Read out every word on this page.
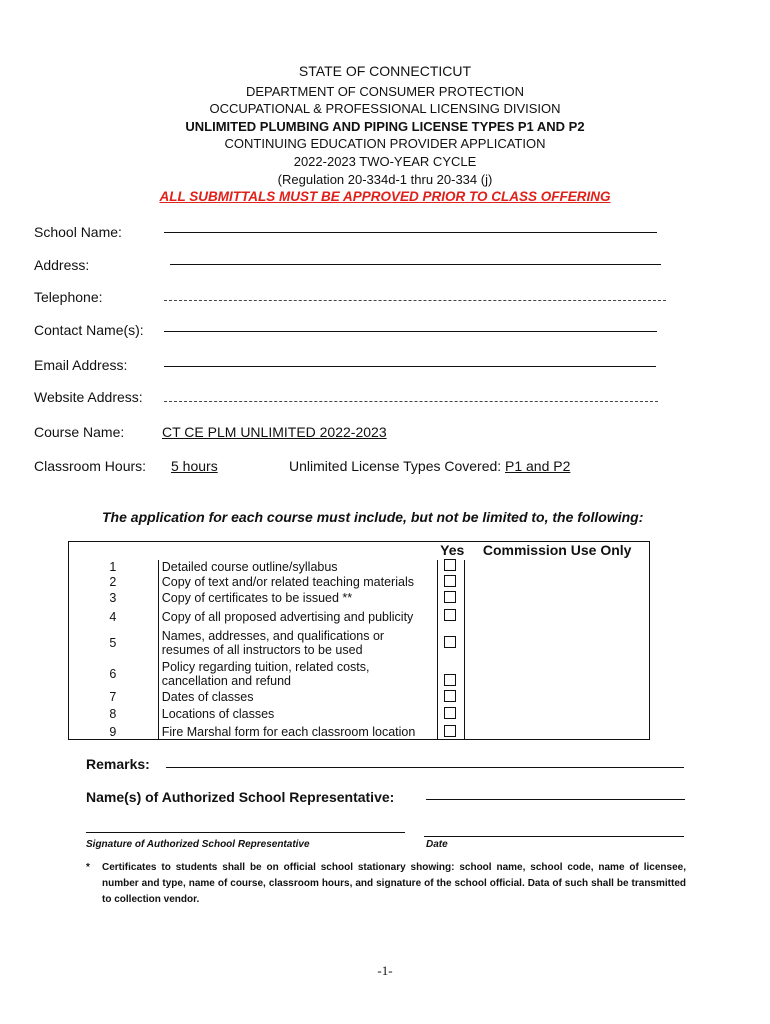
STATE OF CONNECTICUT
DEPARTMENT OF CONSUMER PROTECTION
OCCUPATIONAL & PROFESSIONAL LICENSING DIVISION
UNLIMITED PLUMBING AND PIPING LICENSE TYPES P1 AND P2
CONTINUING EDUCATION PROVIDER APPLICATION
2022-2023 TWO-YEAR CYCLE
(Regulation 20-334d-1 thru 20-334 (j)
ALL SUBMITTALS MUST BE APPROVED PRIOR TO CLASS OFFERING
School Name:
Address:
Telephone:
Contact Name(s):
Email Address:
Website Address:
Course Name:	CT CE PLM UNLIMITED 2022-2023
Classroom Hours:	5 hours	Unlimited License Types Covered: P1 and P2
The application for each course must include, but not be limited to, the following:
		Yes	Commission Use Only
1	Detailed course outline/syllabus		
2	Copy of text and/or related teaching materials		
3	Copy of certificates to be issued **		
4	Copy of all proposed advertising and publicity		
5	Names, addresses, and qualifications or resumes of all instructors to be used		
6	Policy regarding tuition, related costs, cancellation and refund		
7	Dates of classes		
8	Locations of classes		
9	Fire Marshal form for each classroom location		
Remarks:
Name(s) of Authorized School Representative:
Signature of Authorized School Representative	Date
* Certificates to students shall be on official school stationary showing: school name, school code, name of licensee, number and type, name of course, classroom hours, and signature of the school official. Data of such shall be transmitted to collection vendor.
-1-
